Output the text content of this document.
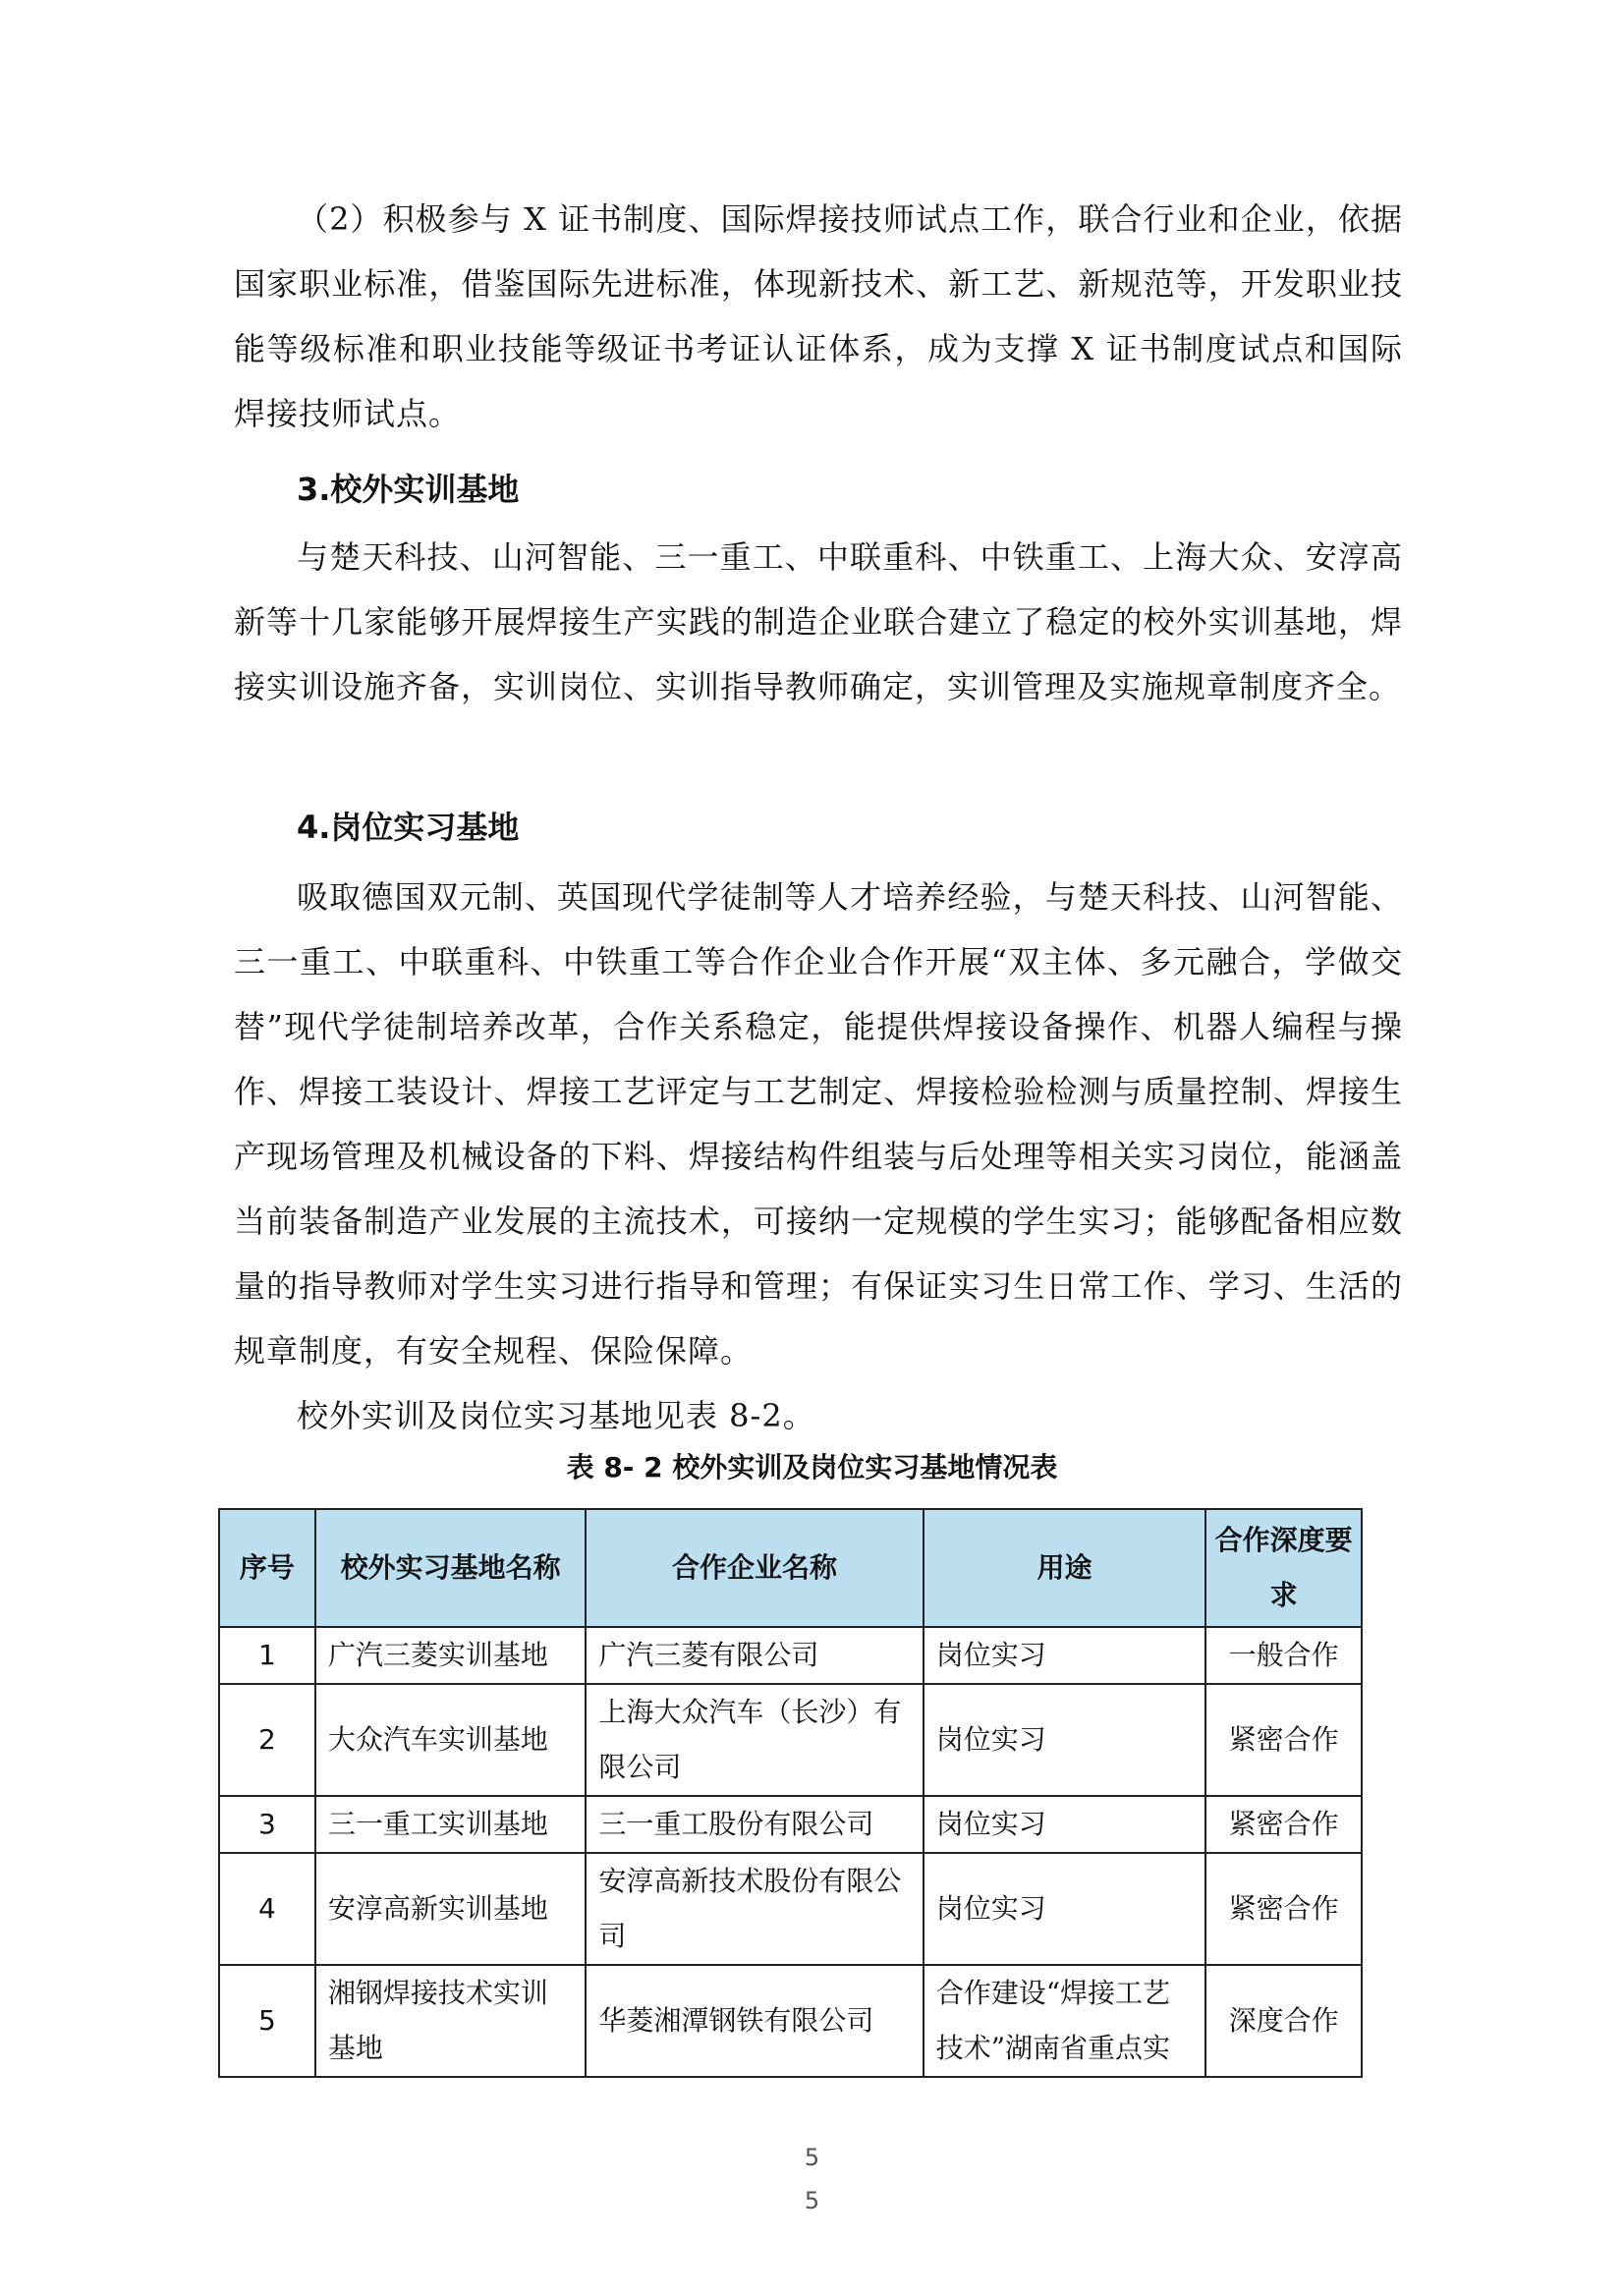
（2）积极参与 X 证书制度、国际焊接技师试点工作，联合行业和企业，依据国家职业标准，借鉴国际先进标准，体现新技术、新工艺、新规范等，开发职业技能等级标准和职业技能等级证书考证认证体系，成为支撑 X 证书制度试点和国际焊接技师试点。

3.校外实训基地

与楚天科技、山河智能、三一重工、中联重科、中铁重工、上海大众、安淳高新等十几家能够开展焊接生产实践的制造企业联合建立了稳定的校外实训基地，焊接实训设施齐备，实训岗位、实训指导教师确定，实训管理及实施规章制度齐全。

4.岗位实习基地

吸取德国双元制、英国现代学徒制等人才培养经验，与楚天科技、山河智能、三一重工、中联重科、中铁重工等合作企业合作开展“双主体、多元融合，学做交替”现代学徒制培养改革，合作关系稳定，能提供焊接设备操作、机器人编程与操作、焊接工装设计、焊接工艺评定与工艺制定、焊接检验检测与质量控制、焊接生产现场管理及机械设备的下料、焊接结构件组装与后处理等相关实习岗位，能涵盖当前装备制造产业发展的主流技术，可接纳一定规模的学生实习；能够配备相应数量的指导教师对学生实习进行指导和管理；有保证实习生日常工作、学习、生活的规章制度，有安全规程、保险保障。

校外实训及岗位实习基地见表 8-2。

表 8- 2 校外实训及岗位实习基地情况表

序号	校外实习基地名称	合作企业名称	用途	合作深度要求
1	广汽三菱实训基地	广汽三菱有限公司	岗位实习	一般合作
2	大众汽车实训基地	上海大众汽车（长沙）有限公司	岗位实习	紧密合作
3	三一重工实训基地	三一重工股份有限公司	岗位实习	紧密合作
4	安淳高新实训基地	安淳高新技术股份有限公司	岗位实习	紧密合作
5	湘钢焊接技术实训基地	华菱湘潭钢铁有限公司	合作建设“焊接工艺技术”湖南省重点实	深度合作
5
5
